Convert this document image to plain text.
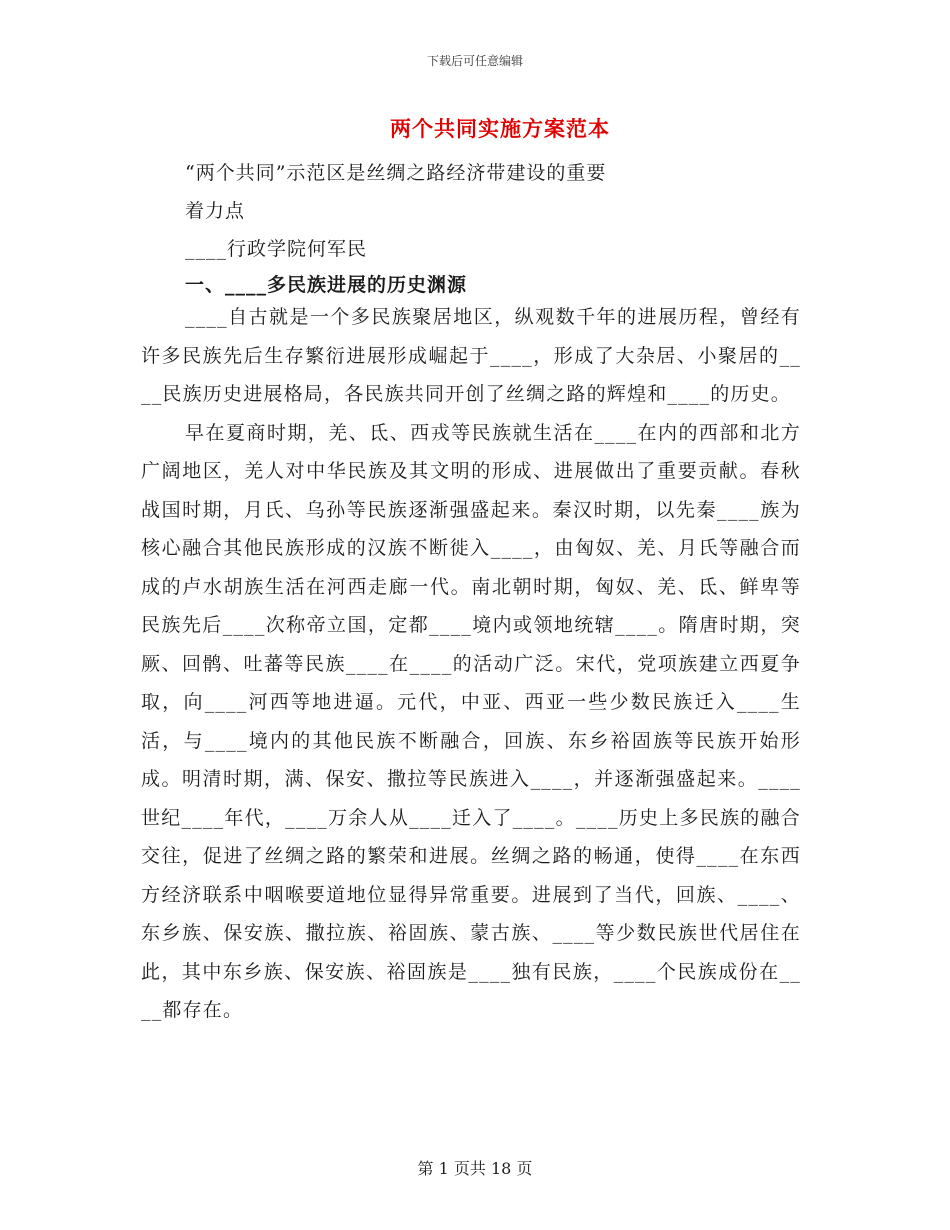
下载后可任意编辑
两个共同实施方案范本
“两个共同”示范区是丝绸之路经济带建设的重要
着力点
____行政学院何军民
一、____多民族进展的历史渊源

____自古就是一个多民族聚居地区，纵观数千年的进展历程，曾经有许多民族先后生存繁衍进展形成崛起于____，形成了大杂居、小聚居的____民族历史进展格局，各民族共同开创了丝绸之路的辉煌和____的历史。

早在夏商时期，羌、氐、西戎等民族就生活在____在内的西部和北方广阔地区，羌人对中华民族及其文明的形成、进展做出了重要贡献。春秋战国时期，月氏、乌孙等民族逐渐强盛起来。秦汉时期，以先秦____族为核心融合其他民族形成的汉族不断徙入____，由匈奴、羌、月氏等融合而成的卢水胡族生活在河西走廊一代。南北朝时期，匈奴、羌、氐、鲜卑等民族先后____次称帝立国，定都____境内或领地统辖____。隋唐时期，突厥、回鹘、吐蕃等民族____在____的活动广泛。宋代，党项族建立西夏争取，向____河西等地进逼。元代，中亚、西亚一些少数民族迁入____生活，与____境内的其他民族不断融合，回族、东乡裕固族等民族开始形成。明清时期，满、保安、撒拉等民族进入____，并逐渐强盛起来。____世纪____年代，____万余人从____迁入了____。____历史上多民族的融合交往，促进了丝绸之路的繁荣和进展。丝绸之路的畅通，使得____在东西方经济联系中咽喉要道地位显得异常重要。进展到了当代，回族、____、东乡族、保安族、撒拉族、裕固族、蒙古族、____等少数民族世代居住在此，其中东乡族、保安族、裕固族是____独有民族，____个民族成份在____都存在。

第 1 页共 18 页
